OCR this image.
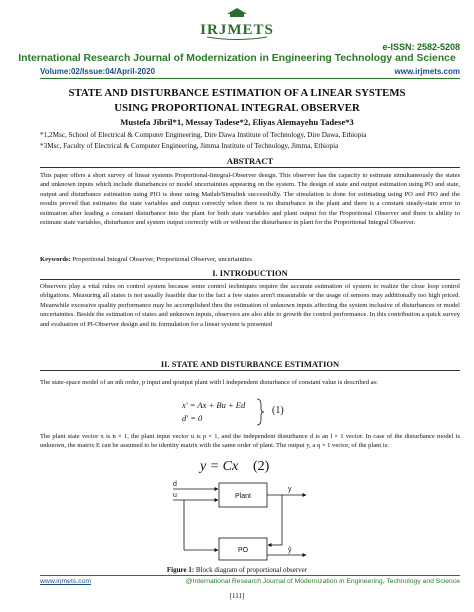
IRJMETS
e-ISSN: 2582-5208
International Research Journal of Modernization in Engineering Technology and Science
Volume:02/Issue:04/April-2020	www.irjmets.com
STATE AND DISTURBANCE ESTIMATION OF A LINEAR SYSTEMS
USING PROPORTIONAL INTEGRAL OBSERVER
Mustefa Jibril*1, Messay Tadese*2, Eliyas Alemayehu Tadese*3
*1,2Msc, School of Electrical & Computer Engineering, Dire Dawa Institute of Technology, Dire Dawa, Ethiopia
*3Msc, Faculty of Electrical & Computer Engineering, Jimma Institute of Technology, Jimma, Ethiopia
ABSTRACT
This paper offers a short survey of linear systems Proportional-Integral-Observer design. This observer has the capacity to estimate simultaneously the states and unknown inputs which include disturbances or model uncertainties appearing on the system. The design of state and output estimation using PO and state, output and disturbance estimation using PIO is done using Matlab/Simulink successfully. The simulation is done for estimating using PO and PIO and the results proved that estimates the state variables and output correctly when there is no disturbance in the plant and there is a constant steady-state error in estimation after leading a constant disturbance into the plant for both state variables and plant output for the Proportional Observer and there is ability to estimate state variables, disturbance and system output correctly with or without the disturbance in plant for the Proportional Integral Observer.
Keywords: Proportional Integral Observer, Proportional Observer, uncertainties
I. INTRODUCTION
Observers play a vital rules on control system because some control techniques require the accurate estimation of system to realize the close loop control obligations. Measuring all states is not usually feasible due to the fact a few states aren't measurable or the usage of sensors may additionally too high priced. Meanwhile excessive quality performance may be accomplished thru the estimation of unknown inputs affecting the system inclusive of disturbances or model uncertainties. Beside the estimation of states and unknown inputs, observers are also able to growth the control performance. In this contribution a quick survey and evaluation of PI-Observer design and its formulation for a linear system is presented
II. STATE AND DISTURBANCE ESTIMATION
The state-space model of an nth order, p input and qoutput plant with l independent disturbance of constant value is described as:
x' = Ax + Bu + Ed
d' = 0
(1)
The plant state vector x is n × 1, the plant input vector u is p × 1, and the independent disturbance d is an l × 1 vector. In case of the disturbance model is unknown, the matrix E can be assumed to be identity matrix with the same order of plant. The output y, a q × 1 vector, of the plant is:
y = Cx (2)
d
u	Plant
y
PO	ŷ
Figure 1: Block diagram of proportional observer
www.irjmets.com	@International Research Journal of Modernization in Engineering, Technology and Science
[111]
